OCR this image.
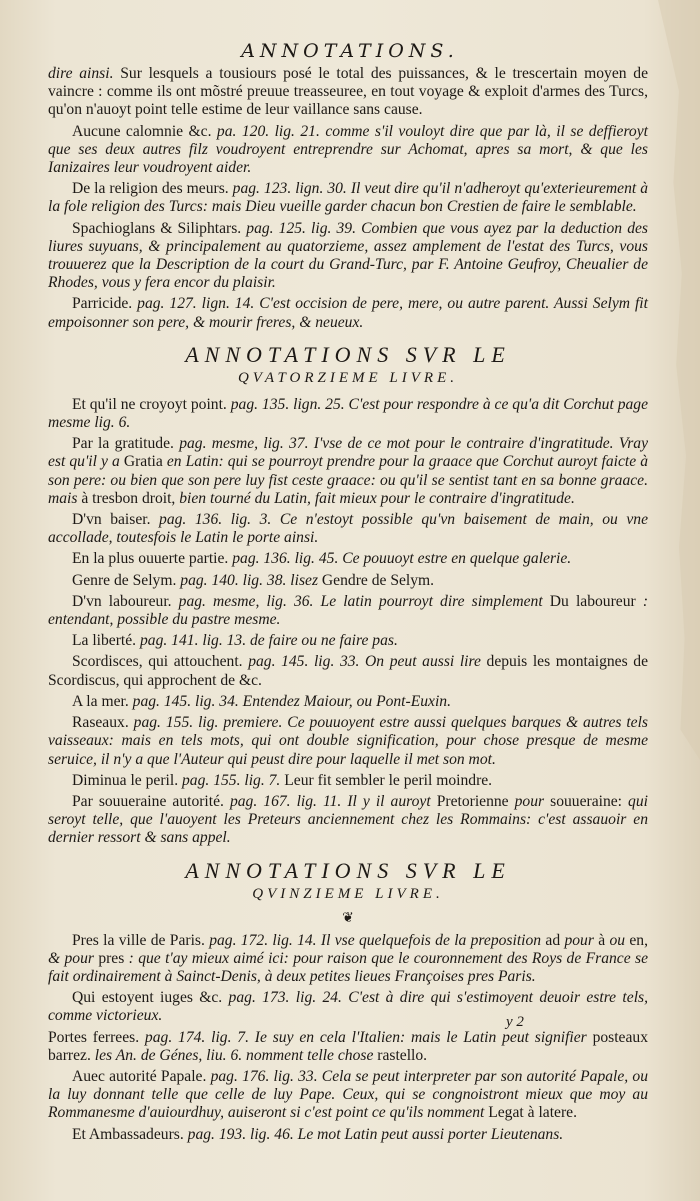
ANNOTATIONS.

dire ainsi. Sur lesquels a tousiours posé le total des puissances, & le trescertain moyen de vaincre : comme ils ont mõstré preuue treasseuree, en tout voyage & exploit d'armes des Turcs, qu'on n'auoyt point telle estime de leur vaillance sans cause.

Aucune calomnie &c. pa. 120. lig. 21. comme s'il vouloyt dire que par là, il se deffieroyt que ses deux autres filz voudroyent entreprendre sur Achomat, apres sa mort, & que les Ianizaires leur voudroyent aider.

De la religion des meurs. pag. 123. lign. 30. Il veut dire qu'il n'adheroyt qu'exterieurement à la fole religion des Turcs: mais Dieu vueille garder chacun bon Crestien de faire le semblable.

Spachioglans & Siliphtars. pag. 125. lig. 39. Combien que vous ayez par la deduction des liures suyuans, & principalement au quatorzieme, assez amplement de l'estat des Turcs, vous trouuerez que la Description de la court du Grand-Turc, par F. Antoine Geufroy, Cheualier de Rhodes, vous y fera encor du plaisir.

Parricide. pag. 127. lign. 14. C'est occision de pere, mere, ou autre parent. Aussi Selym fit empoisonner son pere, & mourir freres, & neueux.

ANNOTATIONS SVR LE
QVATORZIEME LIVRE.

Et qu'il ne croyoyt point. pag. 135. lign. 25. C'est pour respondre à ce qu'a dit Corchut page mesme lig. 6.

Par la gratitude. pag. mesme, lig. 37. I'vse de ce mot pour le contraire d'ingratitude. Vray est qu'il y a Gratia en Latin: qui se pourroyt prendre pour la graace que Corchut auroyt faicte à son pere: ou bien que son pere luy fist ceste graace: ou qu'il se sentist tant en sa bonne graace. mais à tresbon droit, bien tourné du Latin, fait mieux pour le contraire d'ingratitude.

D'vn baiser. pag. 136. lig. 3. Ce n'estoyt possible qu'vn baisement de main, ou vne accollade, toutesfois le Latin le porte ainsi.

En la plus ouuerte partie. pag. 136. lig. 45. Ce pouuoyt estre en quelque galerie.

Genre de Selym. pag. 140. lig. 38. lisez Gendre de Selym.

D'vn laboureur. pag. mesme, lig. 36. Le latin pourroyt dire simplement Du laboureur : entendant, possible du pastre mesme.

La liberté. pag. 141. lig. 13. de faire ou ne faire pas.

Scordisces, qui attouchent. pag. 145. lig. 33. On peut aussi lire depuis les montaignes de Scordiscus, qui approchent de &c.

A la mer. pag. 145. lig. 34. Entendez Maiour, ou Pont-Euxin.

Raseaux. pag. 155. lig. premiere. Ce pouuoyent estre aussi quelques barques & autres tels vaisseaux: mais en tels mots, qui ont double signification, pour chose presque de mesme seruice, il n'y a que l'Auteur qui peust dire pour laquelle il met son mot.

Diminua le peril. pag. 155. lig. 7. Leur fit sembler le peril moindre.

Par souueraine autorité. pag. 167. lig. 11. Il y il auroyt Pretorienne pour souueraine: qui seroyt telle, que l'auoyent les Preteurs anciennement chez les Rommains: c'est assauoir en dernier ressort & sans appel.

ANNOTATIONS SVR LE
QVINZIEME LIVRE.
❦

Pres la ville de Paris. pag. 172. lig. 14. Il vse quelquefois de la preposition ad pour à ou en, & pour pres : que t'ay mieux aimé ici: pour raison que le couronnement des Roys de France se fait ordinairement à Sainct-Denis, à deux petites lieues Françoises pres Paris.

Qui estoyent iuges &c. pag. 173. lig. 24. C'est à dire qui s'estimoyent deuoir estre tels, comme victorieux.

Portes ferrees. pag. 174. lig. 7. Ie suy en cela l'Italien: mais le Latin peut signifier posteaux barrez. les An. de Génes, liu. 6. nomment telle chose rastello.

Auec autorité Papale. pag. 176. lig. 33. Cela se peut interpreter par son autorité Papale, ou la luy donnant telle que celle de luy Pape. Ceux, qui se congnoistront mieux que moy au Rommanesme d'auiourdhuy, auiseront si c'est point ce qu'ils nomment Legat à latere.

Et Ambassadeurs. pag. 193. lig. 46. Le mot Latin peut aussi porter Lieutenans.

y 2
